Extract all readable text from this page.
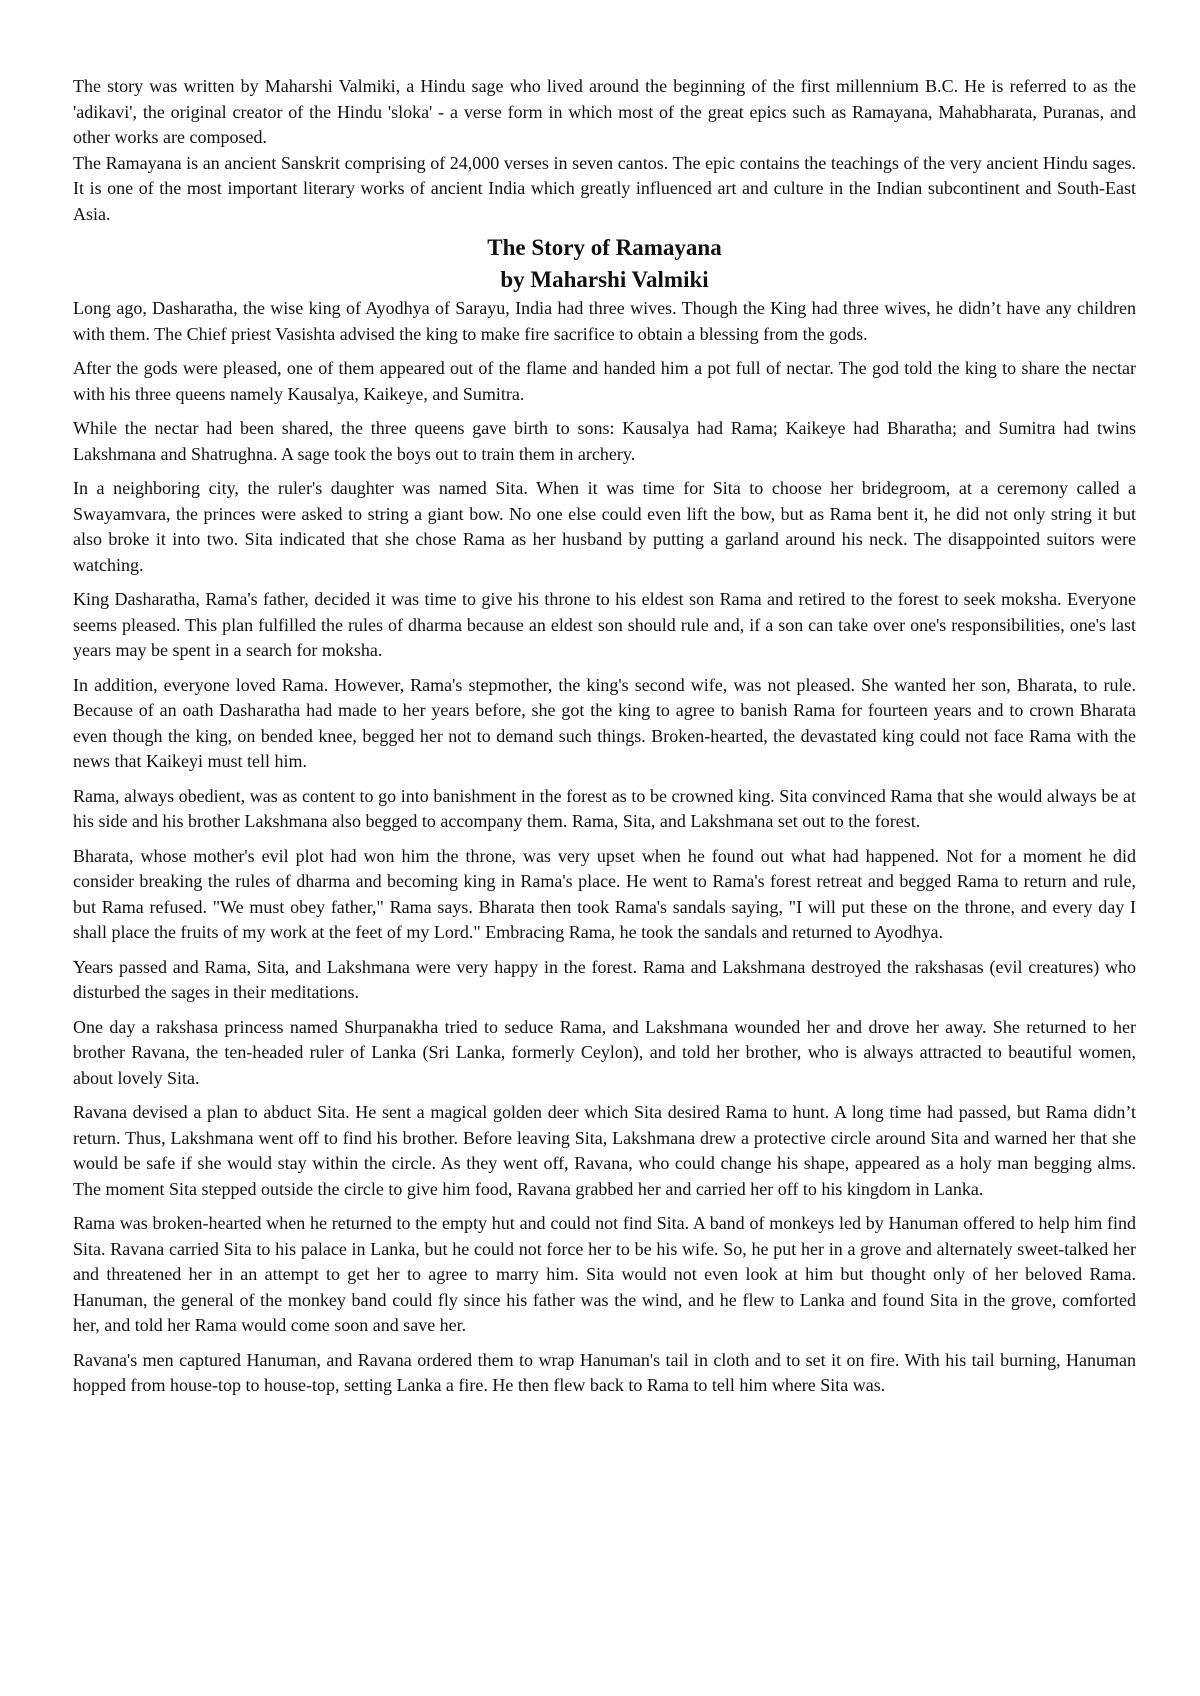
The story was written by Maharshi Valmiki, a Hindu sage who lived around the beginning of the first millennium B.C. He is referred to as the 'adikavi', the original creator of the Hindu 'sloka' - a verse form in which most of the great epics such as Ramayana, Mahabharata, Puranas, and other works are composed.

The Ramayana is an ancient Sanskrit comprising of 24,000 verses in seven cantos. The epic contains the teachings of the very ancient Hindu sages. It is one of the most important literary works of ancient India which greatly influenced art and culture in the Indian subcontinent and South-East Asia.

The Story of Ramayana
by Maharshi Valmiki

Long ago, Dasharatha, the wise king of Ayodhya of Sarayu, India had three wives. Though the King had three wives, he didn’t have any children with them. The Chief priest Vasishta advised the king to make fire sacrifice to obtain a blessing from the gods.

After the gods were pleased, one of them appeared out of the flame and handed him a pot full of nectar. The god told the king to share the nectar with his three queens namely Kausalya, Kaikeye, and Sumitra.

While the nectar had been shared, the three queens gave birth to sons: Kausalya had Rama; Kaikeye had Bharatha; and Sumitra had twins Lakshmana and Shatrughna. A sage took the boys out to train them in archery.

In a neighboring city, the ruler's daughter was named Sita. When it was time for Sita to choose her bridegroom, at a ceremony called a Swayamvara, the princes were asked to string a giant bow. No one else could even lift the bow, but as Rama bent it, he did not only string it but also broke it into two. Sita indicated that she chose Rama as her husband by putting a garland around his neck. The disappointed suitors were watching.

King Dasharatha, Rama's father, decided it was time to give his throne to his eldest son Rama and retired to the forest to seek moksha. Everyone seems pleased. This plan fulfilled the rules of dharma because an eldest son should rule and, if a son can take over one's responsibilities, one's last years may be spent in a search for moksha.

In addition, everyone loved Rama. However, Rama's stepmother, the king's second wife, was not pleased. She wanted her son, Bharata, to rule. Because of an oath Dasharatha had made to her years before, she got the king to agree to banish Rama for fourteen years and to crown Bharata even though the king, on bended knee, begged her not to demand such things. Broken-hearted, the devastated king could not face Rama with the news that Kaikeyi must tell him.

Rama, always obedient, was as content to go into banishment in the forest as to be crowned king. Sita convinced Rama that she would always be at his side and his brother Lakshmana also begged to accompany them. Rama, Sita, and Lakshmana set out to the forest.

Bharata, whose mother's evil plot had won him the throne, was very upset when he found out what had happened. Not for a moment he did consider breaking the rules of dharma and becoming king in Rama's place. He went to Rama's forest retreat and begged Rama to return and rule, but Rama refused. "We must obey father," Rama says. Bharata then took Rama's sandals saying, "I will put these on the throne, and every day I shall place the fruits of my work at the feet of my Lord." Embracing Rama, he took the sandals and returned to Ayodhya.

Years passed and Rama, Sita, and Lakshmana were very happy in the forest. Rama and Lakshmana destroyed the rakshasas (evil creatures) who disturbed the sages in their meditations.

One day a rakshasa princess named Shurpanakha tried to seduce Rama, and Lakshmana wounded her and drove her away. She returned to her brother Ravana, the ten-headed ruler of Lanka (Sri Lanka, formerly Ceylon), and told her brother, who is always attracted to beautiful women, about lovely Sita.

Ravana devised a plan to abduct Sita. He sent a magical golden deer which Sita desired Rama to hunt. A long time had passed, but Rama didn’t return. Thus, Lakshmana went off to find his brother. Before leaving Sita, Lakshmana drew a protective circle around Sita and warned her that she would be safe if she would stay within the circle. As they went off, Ravana, who could change his shape, appeared as a holy man begging alms. The moment Sita stepped outside the circle to give him food, Ravana grabbed her and carried her off to his kingdom in Lanka.

Rama was broken-hearted when he returned to the empty hut and could not find Sita. A band of monkeys led by Hanuman offered to help him find Sita. Ravana carried Sita to his palace in Lanka, but he could not force her to be his wife. So, he put her in a grove and alternately sweet-talked her and threatened her in an attempt to get her to agree to marry him. Sita would not even look at him but thought only of her beloved Rama. Hanuman, the general of the monkey band could fly since his father was the wind, and he flew to Lanka and found Sita in the grove, comforted her, and told her Rama would come soon and save her.

Ravana's men captured Hanuman, and Ravana ordered them to wrap Hanuman's tail in cloth and to set it on fire. With his tail burning, Hanuman hopped from house-top to house-top, setting Lanka a fire. He then flew back to Rama to tell him where Sita was.
